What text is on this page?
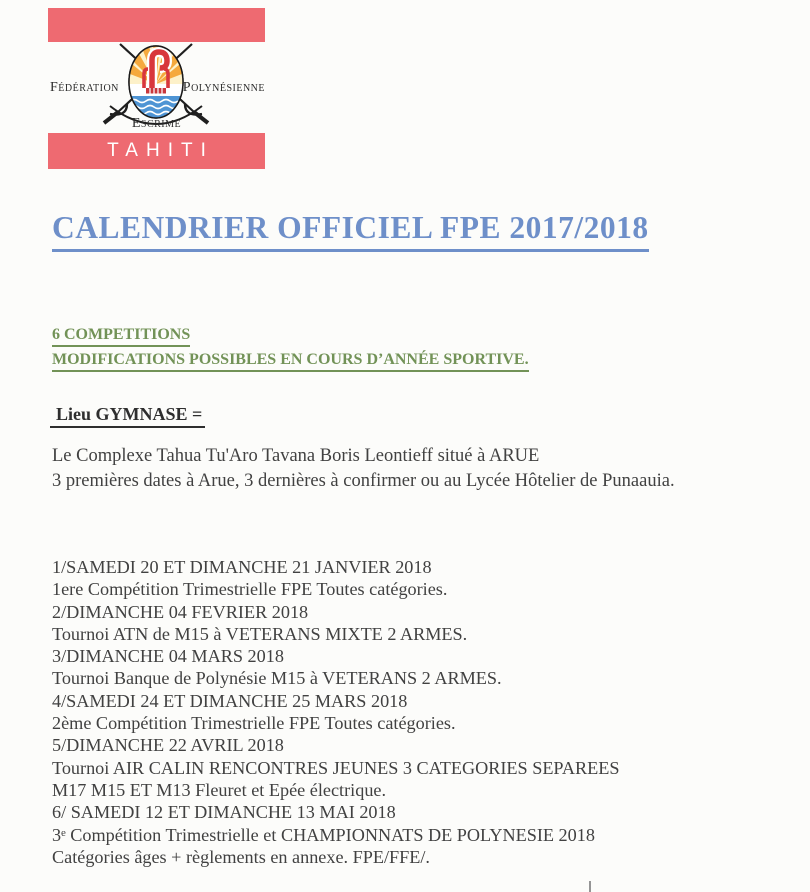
Fédération	Polynésienne
Escrime
TAHITI
CALENDRIER OFFICIEL FPE 2017/2018
6 COMPETITIONS
MODIFICATIONS POSSIBLES EN COURS D’ANNÉE SPORTIVE.
Lieu GYMNASE =
Le Complexe Tahua Tu'Aro Tavana Boris Leontieff situé à ARUE
3 premières dates à Arue, 3 dernières à confirmer ou au Lycée Hôtelier de Punaauia.
1/SAMEDI 20 ET DIMANCHE 21 JANVIER 2018
1ere Compétition Trimestrielle FPE Toutes catégories.
2/DIMANCHE 04 FEVRIER 2018
Tournoi ATN de M15 à VETERANS MIXTE 2 ARMES.
3/DIMANCHE 04 MARS 2018
Tournoi Banque de Polynésie M15 à VETERANS 2 ARMES.
4/SAMEDI 24 ET DIMANCHE 25 MARS 2018
2ème Compétition Trimestrielle FPE Toutes catégories.
5/DIMANCHE 22 AVRIL 2018
Tournoi AIR CALIN RENCONTRES JEUNES 3 CATEGORIES SEPAREES
M17 M15 ET M13 Fleuret et Epée électrique.
6/ SAMEDI 12 ET DIMANCHE 13 MAI 2018
3ᵉ Compétition Trimestrielle et CHAMPIONNATS DE POLYNESIE 2018
Catégories âges + règlements en annexe. FPE/FFE/.
